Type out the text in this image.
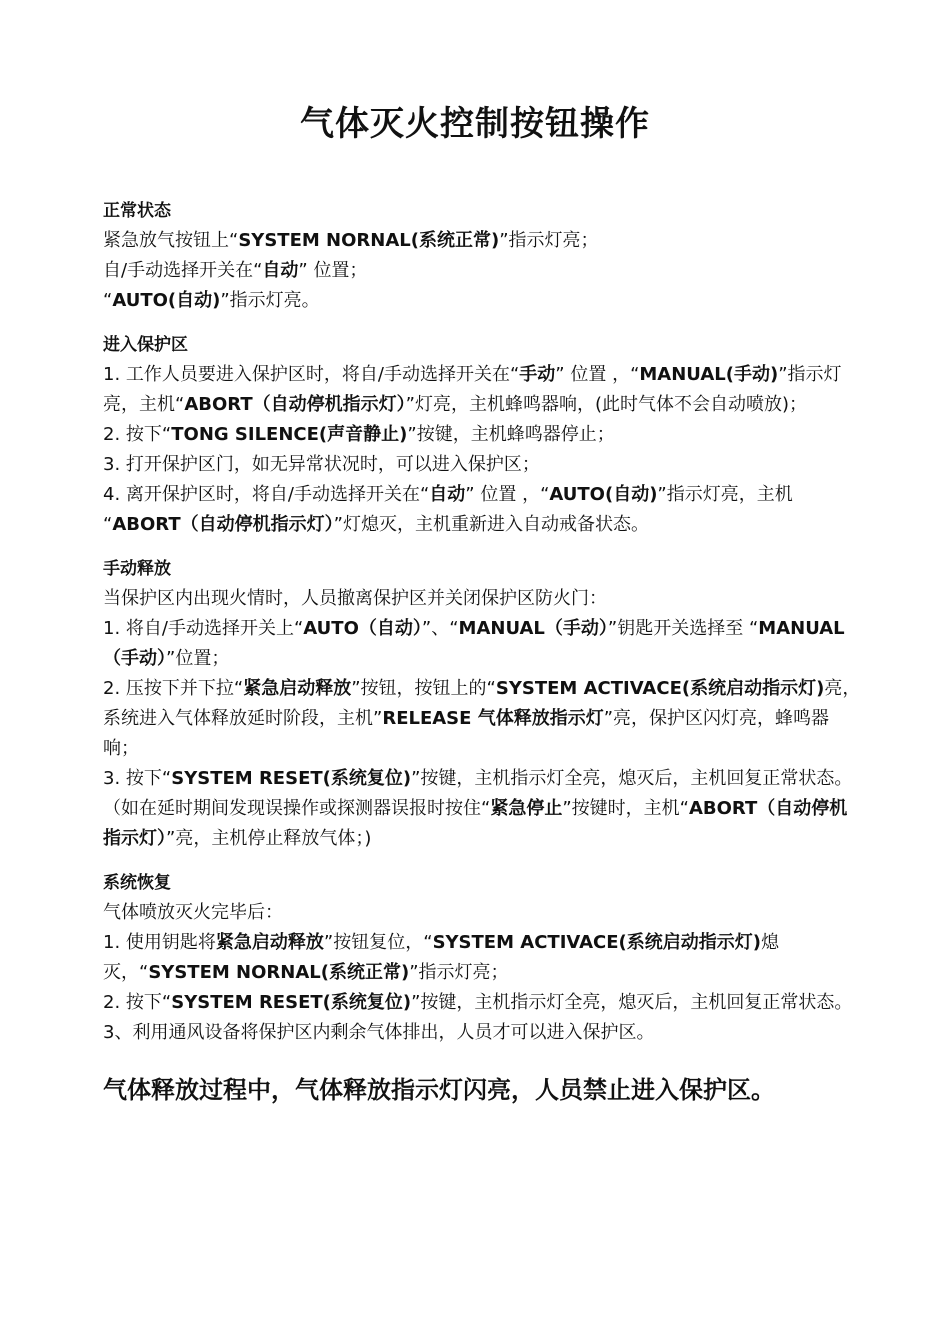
气体灭火控制按钮操作
正常状态
紧急放气按钮上“SYSTEM NORNAL(系统正常)”指示灯亮；
自/手动选择开关在“自动” 位置；
“AUTO(自动)”指示灯亮。
进入保护区
1. 工作人员要进入保护区时，将自/手动选择开关在“手动” 位置 ，“MANUAL(手动)”指示灯亮，主机“ABORT（自动停机指示灯）”灯亮，主机蜂鸣器响，(此时气体不会自动喷放)；
2. 按下“TONG SILENCE(声音静止)”按键，主机蜂鸣器停止；
3. 打开保护区门，如无异常状况时，可以进入保护区；
4. 离开保护区时，将自/手动选择开关在“自动” 位置 ，“AUTO(自动)”指示灯亮，主机 “ABORT（自动停机指示灯）”灯熄灭，主机重新进入自动戒备状态。
手动释放
当保护区内出现火情时，人员撤离保护区并关闭保护区防火门：
1. 将自/手动选择开关上“AUTO（自动）”、“MANUAL（手动）”钥匙开关选择至 “MANUAL（手动）”位置；
2. 压按下并下拉“紧急启动释放”按钮，按钮上的“SYSTEM ACTIVACE(系统启动指示灯)亮，系统进入气体释放延时阶段，主机”RELEASE 气体释放指示灯”亮，保护区闪灯亮，蜂鸣器响；
3. 按下“SYSTEM RESET(系统复位)”按键，主机指示灯全亮，熄灭后，主机回复正常状态。
（如在延时期间发现误操作或探测器误报时按住“紧急停止”按键时，主机“ABORT（自动停机指示灯）”亮，主机停止释放气体；)
系统恢复
气体喷放灭火完毕后：
1. 使用钥匙将紧急启动释放”按钮复位，“SYSTEM ACTIVACE(系统启动指示灯)熄灭，“SYSTEM NORNAL(系统正常)”指示灯亮；
2. 按下“SYSTEM RESET(系统复位)”按键，主机指示灯全亮，熄灭后，主机回复正常状态。
3、利用通风设备将保护区内剩余气体排出，人员才可以进入保护区。
气体释放过程中，气体释放指示灯闪亮，人员禁止进入保护区。
